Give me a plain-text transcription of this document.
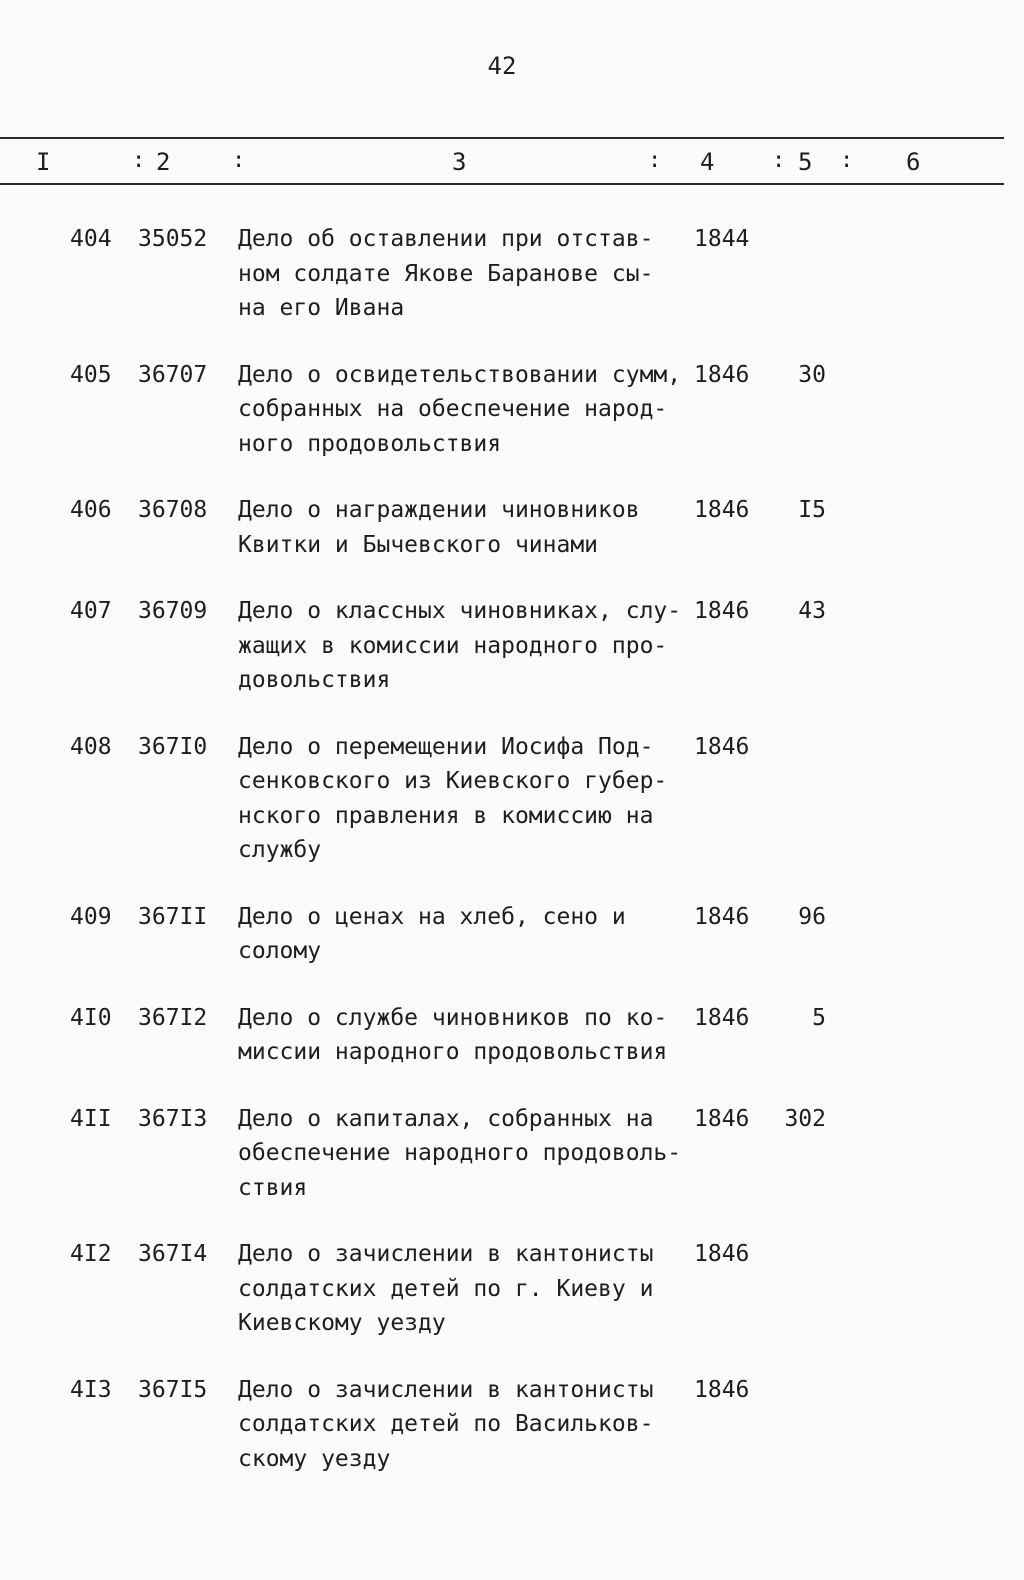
42
I	: 2	:	3	: 4	: 5 : 6
404 35052 Дело об оставлении при отстав-
ном солдате Якове Баранове сы-
на его Ивана
1844
405 36707 Дело о освидетельствовании сумм,
собранных на обеспечение народ-
ного продовольствия
1846	30
406 36708 Дело о награждении чиновников
Квитки и Бычевского чинами
1846	I5
407 36709 Дело о классных чиновниках, слу-
жащих в комиссии народного про-
довольствия
1846	43
408 367I0 Дело о перемещении Иосифа Под-
сенковского из Киевского губер-
нского правления в комиссию на
службу
1846
409 367II Дело о ценах на хлеб, сено и
солому
1846	96
4I0 367I2 Дело о службе чиновников по ко-
миссии народного продовольствия
1846	5
4II 367I3 Дело о капиталах, собранных на
обеспечение народного продоволь-
ствия
1846	302
4I2 367I4 Дело о зачислении в кантонисты
солдатских детей по г. Киеву и
Киевскому уезду
1846
4I3 367I5 Дело о зачислении в кантонисты
солдатских детей по Васильков-
скому уезду
1846
